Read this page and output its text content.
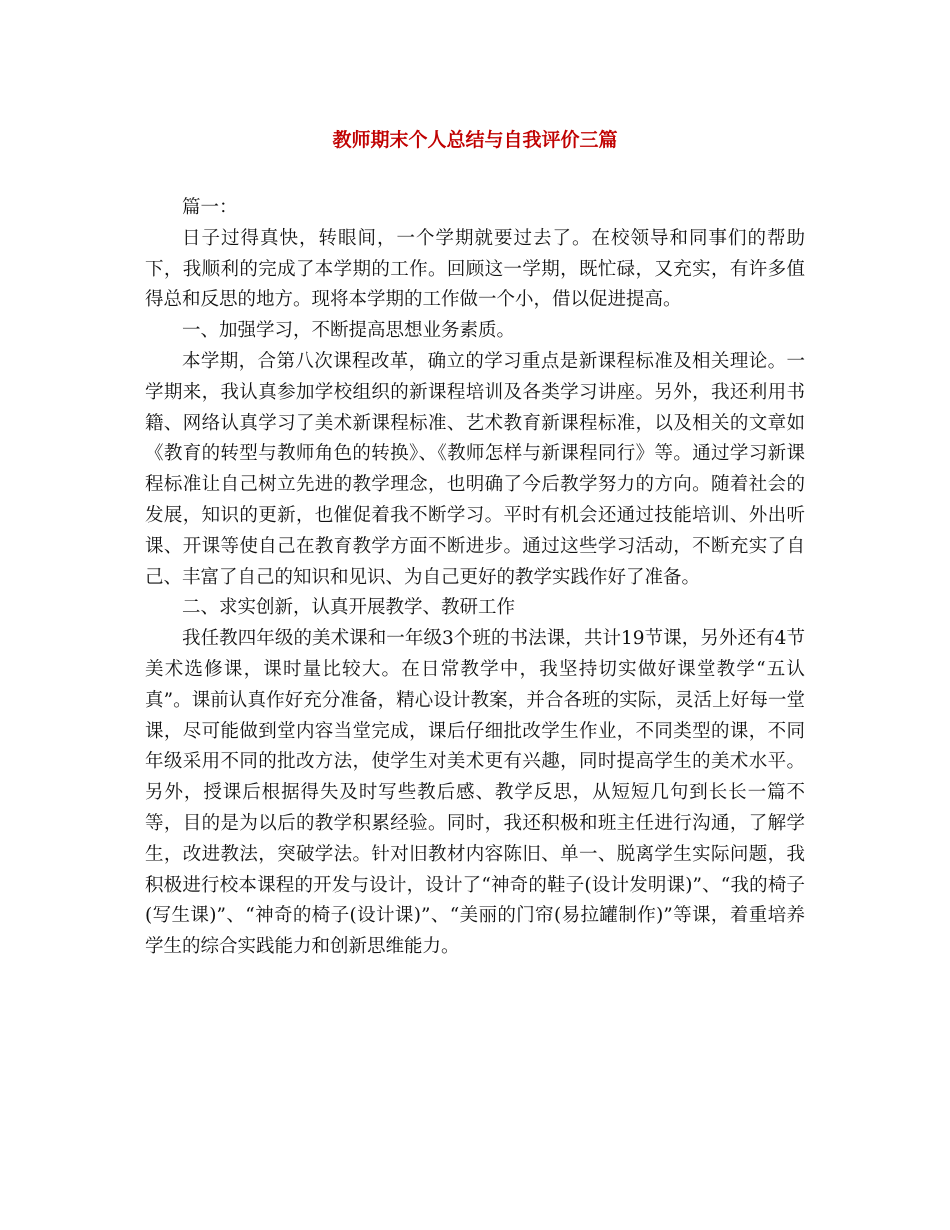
教师期末个人总结与自我评价三篇

篇一：

日子过得真快，转眼间，一个学期就要过去了。在校领导和同事们的帮助下，我顺利的完成了本学期的工作。回顾这一学期，既忙碌，又充实，有许多值得总和反思的地方。现将本学期的工作做一个小，借以促进提高。

一、加强学习，不断提高思想业务素质。

本学期，合第八次课程改革，确立的学习重点是新课程标准及相关理论。一学期来，我认真参加学校组织的新课程培训及各类学习讲座。另外，我还利用书籍、网络认真学习了美术新课程标准、艺术教育新课程标准，以及相关的文章如《教育的转型与教师角色的转换》、《教师怎样与新课程同行》等。通过学习新课程标准让自己树立先进的教学理念，也明确了今后教学努力的方向。随着社会的发展，知识的更新，也催促着我不断学习。平时有机会还通过技能培训、外出听课、开课等使自己在教育教学方面不断进步。通过这些学习活动，不断充实了自己、丰富了自己的知识和见识、为自己更好的教学实践作好了准备。

二、求实创新，认真开展教学、教研工作

我任教四年级的美术课和一年级3个班的书法课，共计19节课，另外还有4节美术选修课，课时量比较大。在日常教学中，我坚持切实做好课堂教学“五认真”。课前认真作好充分准备，精心设计教案，并合各班的实际，灵活上好每一堂课，尽可能做到堂内容当堂完成，课后仔细批改学生作业，不同类型的课，不同年级采用不同的批改方法，使学生对美术更有兴趣，同时提高学生的美术水平。另外，授课后根据得失及时写些教后感、教学反思，从短短几句到长长一篇不等，目的是为以后的教学积累经验。同时，我还积极和班主任进行沟通，了解学生，改进教法，突破学法。针对旧教材内容陈旧、单一、脱离学生实际问题，我积极进行校本课程的开发与设计，设计了“神奇的鞋子(设计发明课)”、“我的椅子(写生课)”、“神奇的椅子(设计课)”、“美丽的门帘(易拉罐制作)”等课，着重培养学生的综合实践能力和创新思维能力。
